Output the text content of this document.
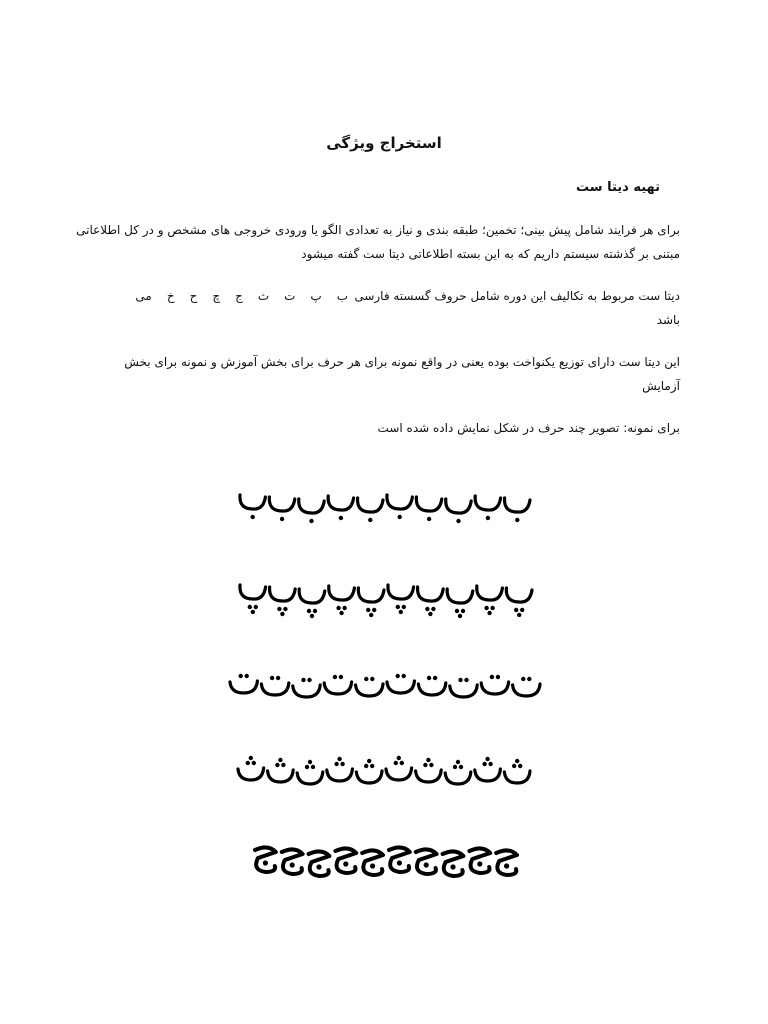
استخراج ویژگی
تهیه دیتا ست
برای هر فرایند شامل پیش بینی؛ تخمین؛ طبقه بندی و نیاز به تعدادی الگو یا ورودی خروجی های مشخص و در کل اطلاعاتی
مبتنی بر گذشته سیستم داریم که به این بسته اطلاعاتی دیتا ست گفته میشود
دیتا ست مربوط به تکالیف این دوره شامل حروف گسسته فارسی
باشد
ب
پ
ت
ث
ج
چ
ح
خ
می
این دیتا ست دارای توزیع یکنواخت بوده یعنی در واقع نمونه برای هر حرف برای بخش آموزش و نمونه برای بخش
آزمایش
برای نمونه: تصویر چند حرف در شکل نمایش داده شده است
